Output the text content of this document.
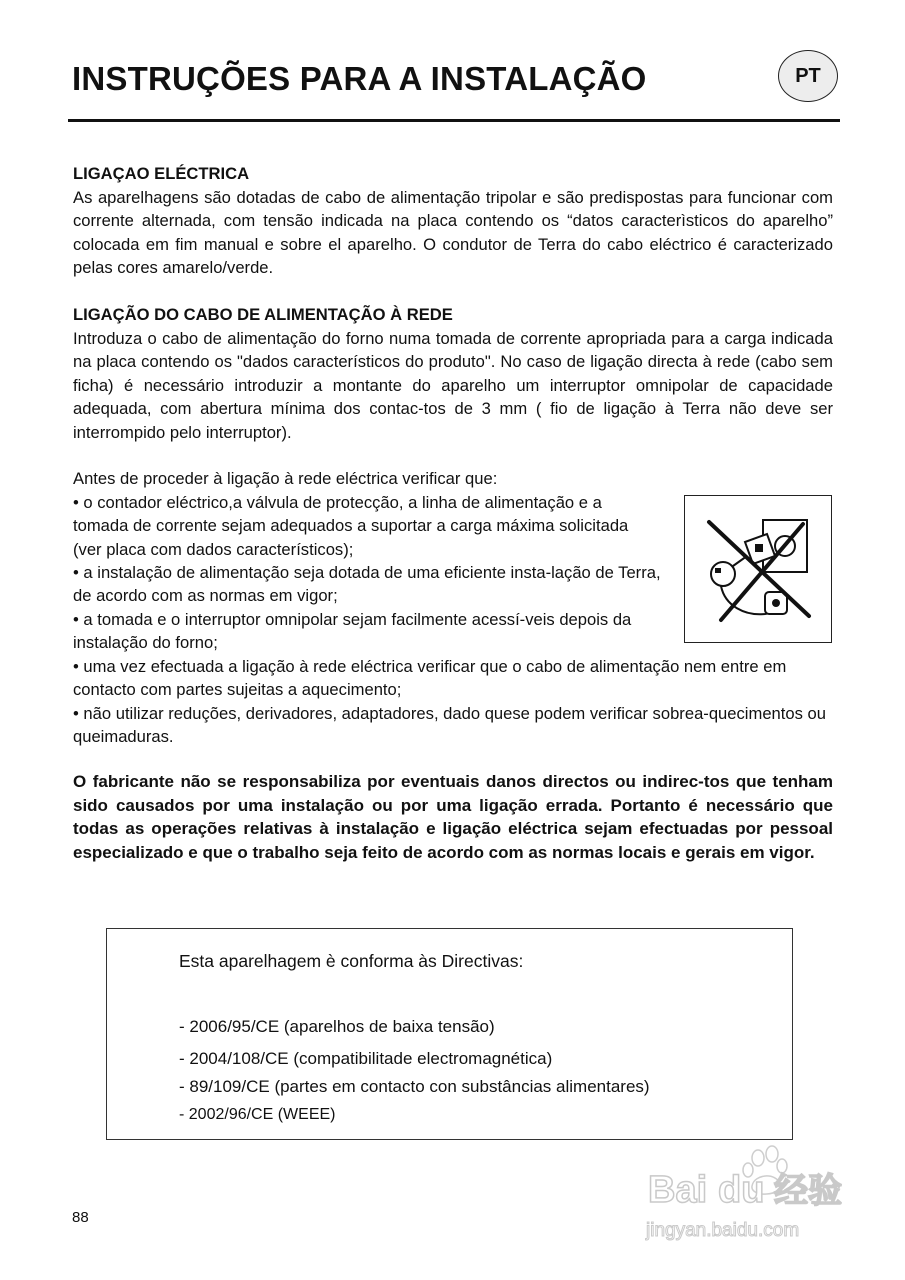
INSTRUÇÕES PARA A INSTALAÇÃO	PT

LIGAÇAO ELÉCTRICA

As aparelhagens são dotadas de cabo de alimentação tripolar e são predispostas para funcionar com corrente alternada, com tensão indicada na placa contendo os “datos caracterìsticos do aparelho” colocada em fim manual e sobre el aparelho. O condutor de Terra do cabo eléctrico é caracterizado pelas cores amarelo/verde.

LIGAÇÃO DO CABO DE ALIMENTAÇÃO À REDE

Introduza o cabo de alimentação do forno numa tomada de corrente apropriada para a carga indicada na placa contendo os "dados característicos do produto". No caso de ligação directa à rede (cabo sem ficha) é necessário introduzir a montante do aparelho um interruptor omnipolar de capacidade adequada, com abertura mínima dos contac-tos de 3 mm ( fio de ligação à Terra não deve ser interrompido pelo interruptor).

Antes de proceder à ligação à rede eléctrica verificar que:

• o contador eléctrico,a válvula de protecção, a linha de alimentação e a tomada de corrente sejam adequados a suportar a carga máxima solicitada (ver placa com dados característicos);
• a instalação de alimentação seja dotada de uma eficiente insta-lação de Terra, de acordo com as normas em vigor;
• a tomada e o interruptor omnipolar sejam facilmente acessí-veis depois da instalação do forno;
• uma vez efectuada a ligação à rede eléctrica verificar que o cabo de alimentação nem entre em contacto com partes sujeitas a aquecimento;
• não utilizar reduções, derivadores, adaptadores, dado quese podem verificar sobrea-quecimentos ou queimaduras.

O fabricante não se responsabiliza por eventuais danos directos ou indirec-tos que tenham sido causados por uma instalação ou por uma ligação errada. Portanto é necessário que todas as operações relativas à instalação e ligação eléctrica sejam efectuadas por pessoal especializado e que o trabalho seja feito de acordo com as normas locais e gerais em vigor.

Esta aparelhagem è conforma às Directivas:
- 2006/95/CE (aparelhos de baixa tensão)
- 2004/108/CE (compatibilitade electromagnética)
- 89/109/CE (partes em contacto con substâncias alimentares)
- 2002/96/CE (WEEE)
88
Bai du 经验
jingyan.baidu.com
